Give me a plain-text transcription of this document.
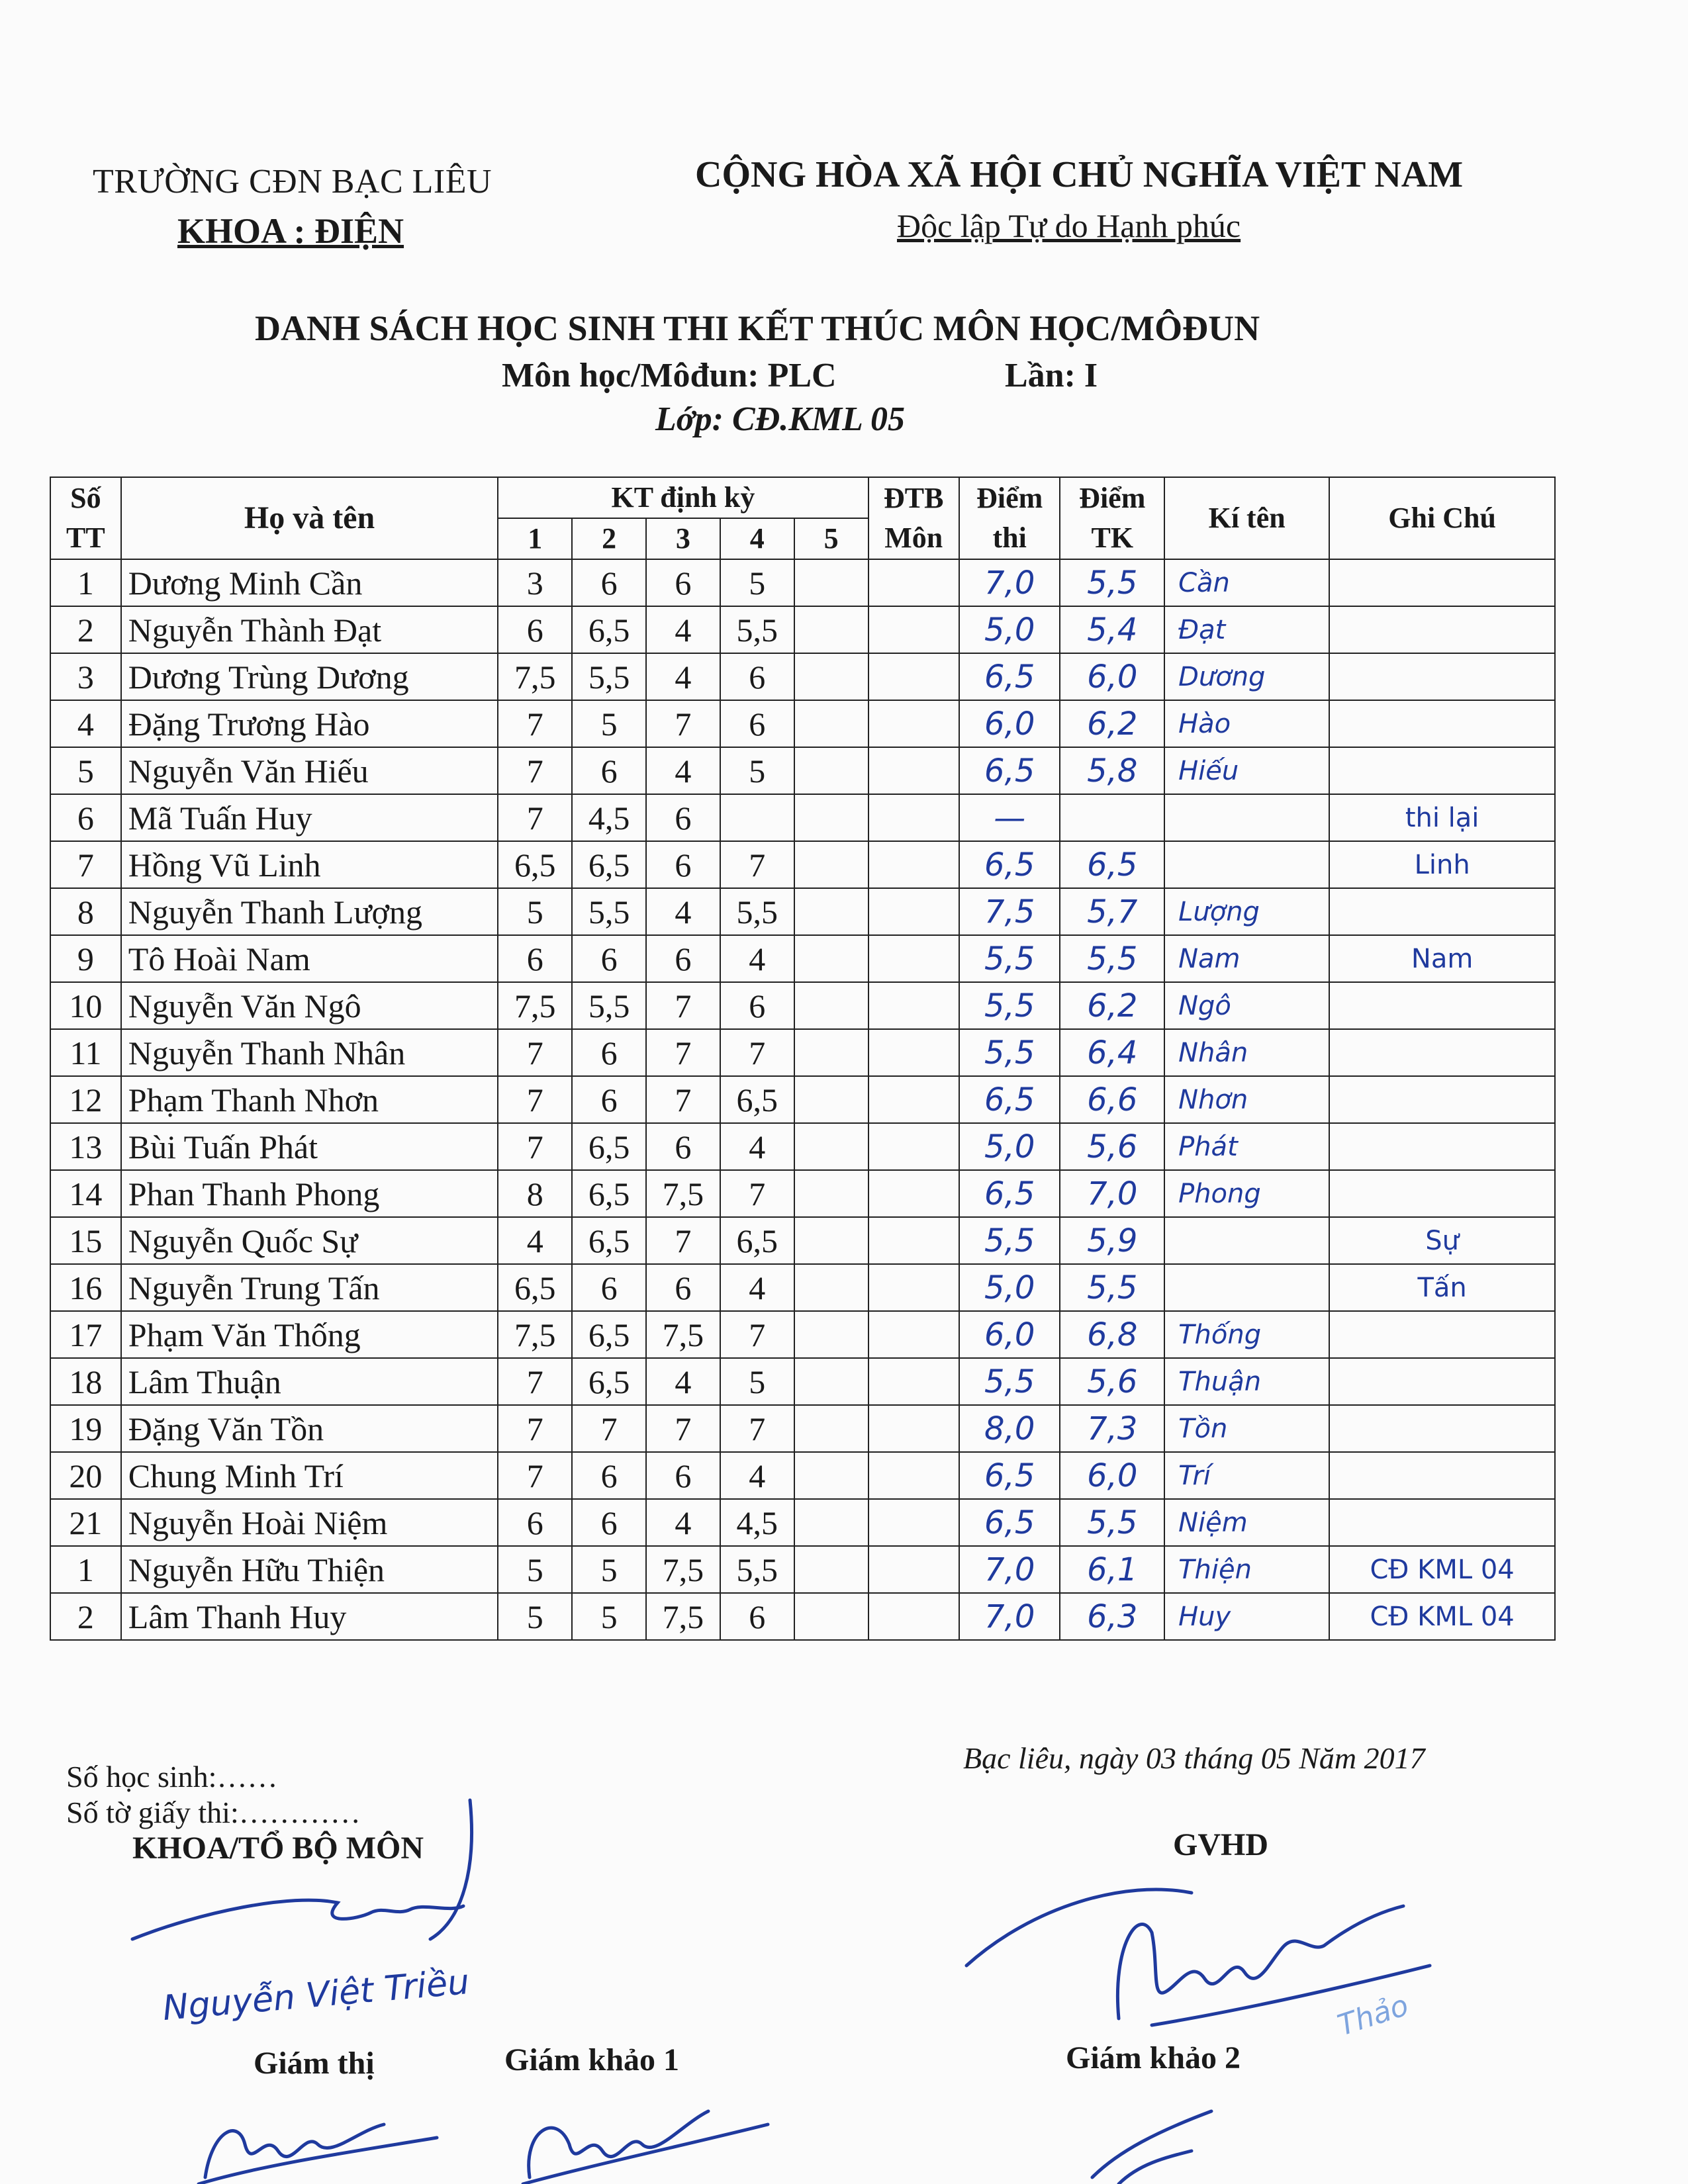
TRƯỜNG CĐN BẠC LIÊU
KHOA : ĐIỆN
CỘNG HÒA XÃ HỘI CHỦ NGHĨA VIỆT NAM
Độc lập Tự do Hạnh phúc
DANH SÁCH HỌC SINH THI KẾT THÚC MÔN HỌC/MÔĐUN
Môn học/Môđun: PLC	Lần: I
Lớp: CĐ.KML 05
Số TT	Họ và tên	KT định kỳ					ĐTB Môn	Điểm thi	Điểm TK	Kí tên	Ghi Chú
		1	2	3	4	5					
1	Dương Minh Cần	3	6	6	5			7,0	5,5	Cần	
2	Nguyễn Thành Đạt	6	6,5	4	5,5			5,0	5,4	Đạt	
3	Dương Trùng Dương	7,5	5,5	4	6			6,5	6,0	Dương	
4	Đặng Trương Hào	7	5	7	6			6,0	6,2	Hào	
5	Nguyễn Văn Hiếu	7	6	4	5			6,5	5,8	Hiếu	
6	Mã Tuấn Huy	7	4,5	6				—			thi lại
7	Hồng Vũ Linh	6,5	6,5	6	7			6,5	6,5		Linh
8	Nguyễn Thanh Lượng	5	5,5	4	5,5			7,5	5,7	Lượng	
9	Tô Hoài Nam	6	6	6	4			5,5	5,5	Nam	Nam
10	Nguyễn Văn Ngô	7,5	5,5	7	6			5,5	6,2	Ngô	
11	Nguyễn Thanh Nhân	7	6	7	7			5,5	6,4	Nhân	
12	Phạm Thanh Nhơn	7	6	7	6,5			6,5	6,6	Nhơn	
13	Bùi Tuấn Phát	7	6,5	6	4			5,0	5,6	Phát	
14	Phan Thanh Phong	8	6,5	7,5	7			6,5	7,0	Phong	
15	Nguyễn Quốc Sự	4	6,5	7	6,5			5,5	5,9		Sự
16	Nguyễn Trung Tấn	6,5	6	6	4			5,0	5,5		Tấn
17	Phạm Văn Thống	7,5	6,5	7,5	7			6,0	6,8	Thống	
18	Lâm Thuận	7	6,5	4	5			5,5	5,6	Thuận	
19	Đặng Văn Tồn	7	7	7	7			8,0	7,3	Tồn	
20	Chung Minh Trí	7	6	6	4			6,5	6,0	Trí	
21	Nguyễn Hoài Niệm	6	6	4	4,5			6,5	5,5	Niệm	
1	Nguyễn Hữu Thiện	5	5	7,5	5,5			7,0	6,1	Thiện	CĐ KML 04
2	Lâm Thanh Huy	5	5	7,5	6			7,0	6,3	Huy	CĐ KML 04
Số học sinh:……
Số tờ giấy thi:…………
Bạc liêu, ngày 03 tháng 05 Năm 2017
KHOA/TỔ BỘ MÔN	GVHD
Nguyễn Việt Triều
Giám thị	Giám khảo 1	Giám khảo 2
Thảo
